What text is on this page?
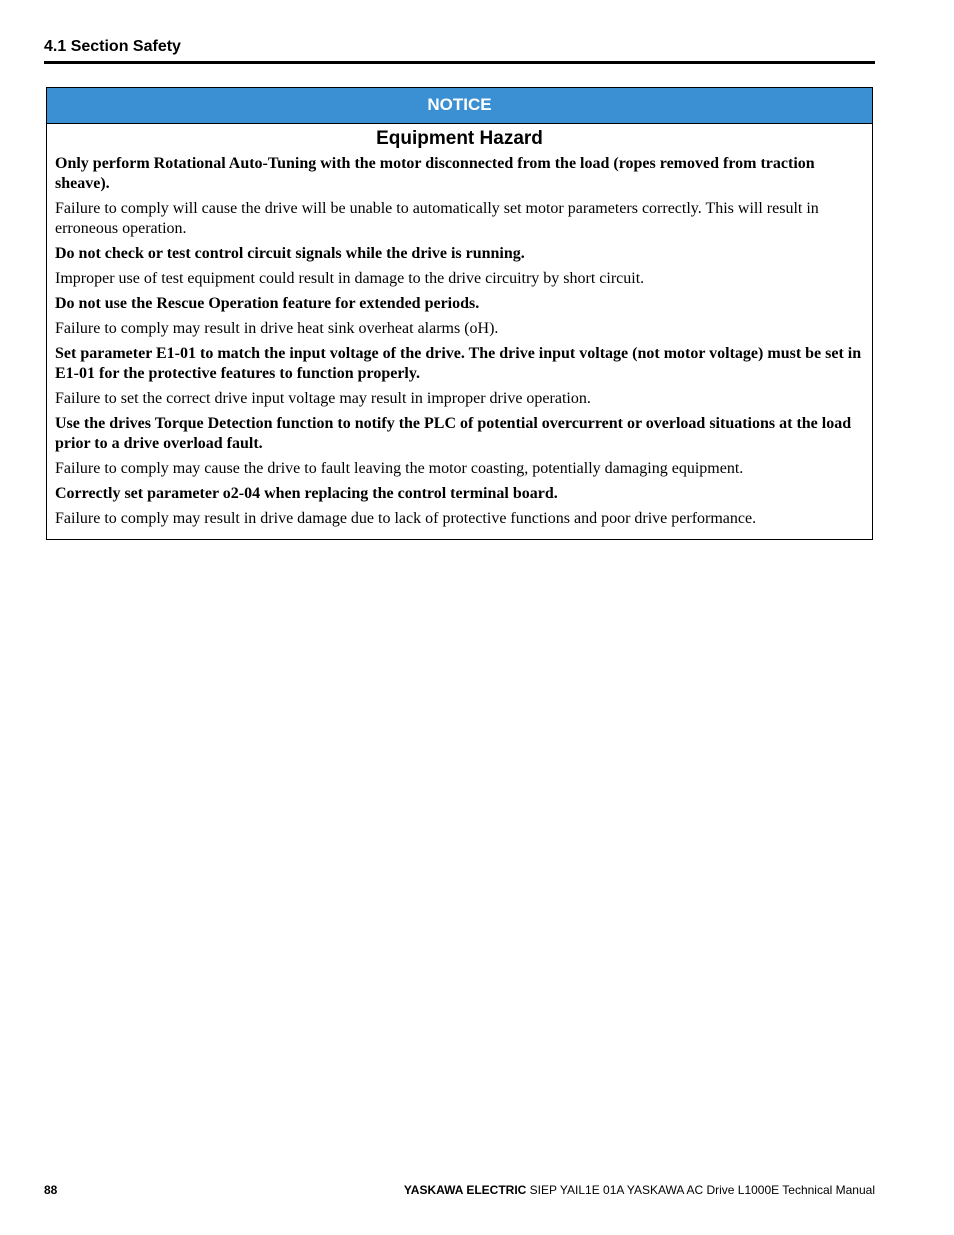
4.1 Section Safety
NOTICE
Equipment Hazard

Only perform Rotational Auto-Tuning with the motor disconnected from the load (ropes removed from traction sheave).

Failure to comply will cause the drive will be unable to automatically set motor parameters correctly. This will result in erroneous operation.

Do not check or test control circuit signals while the drive is running.

Improper use of test equipment could result in damage to the drive circuitry by short circuit.

Do not use the Rescue Operation feature for extended periods.

Failure to comply may result in drive heat sink overheat alarms (oH).

Set parameter E1-01 to match the input voltage of the drive. The drive input voltage (not motor voltage) must be set in E1-01 for the protective features to function properly.

Failure to set the correct drive input voltage may result in improper drive operation.

Use the drives Torque Detection function to notify the PLC of potential overcurrent or overload situations at the load prior to a drive overload fault.

Failure to comply may cause the drive to fault leaving the motor coasting, potentially damaging equipment.

Correctly set parameter o2-04 when replacing the control terminal board.

Failure to comply may result in drive damage due to lack of protective functions and poor drive performance.

88	YASKAWA ELECTRIC SIEP YAIL1E 01A YASKAWA AC Drive L1000E Technical Manual
